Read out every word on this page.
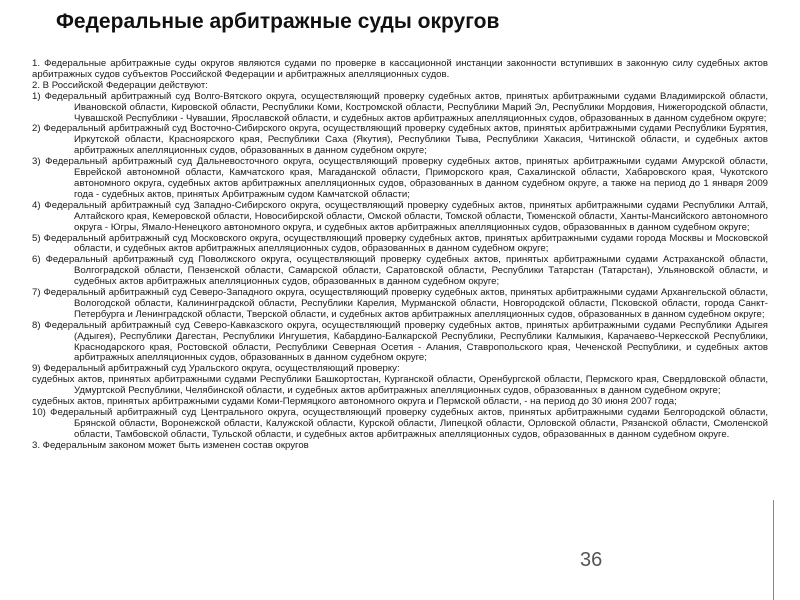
Федеральные арбитражные суды округов

1. Федеральные арбитражные суды округов являются судами по проверке в кассационной инстанции законности вступивших в законную силу судебных актов арбитражных судов субъектов Российской Федерации и арбитражных апелляционных судов.

2. В Российской Федерации действуют:

1) Федеральный арбитражный суд Волго-Вятского округа, осуществляющий проверку судебных актов, принятых арбитражными судами Владимирской области, Ивановской области, Кировской области, Республики Коми, Костромской области, Республики Марий Эл, Республики Мордовия, Нижегородской области, Чувашской Республики - Чувашии, Ярославской области, и судебных актов арбитражных апелляционных судов, образованных в данном судебном округе;

2) Федеральный арбитражный суд Восточно-Сибирского округа, осуществляющий проверку судебных актов, принятых арбитражными судами Республики Бурятия, Иркутской области, Красноярского края, Республики Саха (Якутия), Республики Тыва, Республики Хакасия, Читинской области, и судебных актов арбитражных апелляционных судов, образованных в данном судебном округе;

3) Федеральный арбитражный суд Дальневосточного округа, осуществляющий проверку судебных актов, принятых арбитражными судами Амурской области, Еврейской автономной области, Камчатского края, Магаданской области, Приморского края, Сахалинской области, Хабаровского края, Чукотского автономного округа, судебных актов арбитражных апелляционных судов, образованных в данном судебном округе, а также на период до 1 января 2009 года - судебных актов, принятых Арбитражным судом Камчатской области;

4) Федеральный арбитражный суд Западно-Сибирского округа, осуществляющий проверку судебных актов, принятых арбитражными судами Республики Алтай, Алтайского края, Кемеровской области, Новосибирской области, Омской области, Томской области, Тюменской области, Ханты-Мансийского автономного округа - Югры, Ямало-Ненецкого автономного округа, и судебных актов арбитражных апелляционных судов, образованных в данном судебном округе;

5) Федеральный арбитражный суд Московского округа, осуществляющий проверку судебных актов, принятых арбитражными судами города Москвы и Московской области, и судебных актов арбитражных апелляционных судов, образованных в данном судебном округе;

6) Федеральный арбитражный суд Поволжского округа, осуществляющий проверку судебных актов, принятых арбитражными судами Астраханской области, Волгоградской области, Пензенской области, Самарской области, Саратовской области, Республики Татарстан (Татарстан), Ульяновской области, и судебных актов арбитражных апелляционных судов, образованных в данном судебном округе;

7) Федеральный арбитражный суд Северо-Западного округа, осуществляющий проверку судебных актов, принятых арбитражными судами Архангельской области, Вологодской области, Калининградской области, Республики Карелия, Мурманской области, Новгородской области, Псковской области, города Санкт-Петербурга и Ленинградской области, Тверской области, и судебных актов арбитражных апелляционных судов, образованных в данном судебном округе;

8) Федеральный арбитражный суд Северо-Кавказского округа, осуществляющий проверку судебных актов, принятых арбитражными судами Республики Адыгея (Адыгея), Республики Дагестан, Республики Ингушетия, Кабардино-Балкарской Республики, Республики Калмыкия, Карачаево-Черкесской Республики, Краснодарского края, Ростовской области, Республики Северная Осетия - Алания, Ставропольского края, Чеченской Республики, и судебных актов арбитражных апелляционных судов, образованных в данном судебном округе;

9) Федеральный арбитражный суд Уральского округа, осуществляющий проверку:

судебных актов, принятых арбитражными судами Республики Башкортостан, Курганской области, Оренбургской области, Пермского края, Свердловской области, Удмуртской Республики, Челябинской области, и судебных актов арбитражных апелляционных судов, образованных в данном судебном округе;

судебных актов, принятых арбитражными судами Коми-Пермяцкого автономного округа и Пермской области, - на период до 30 июня 2007 года;

10) Федеральный арбитражный суд Центрального округа, осуществляющий проверку судебных актов, принятых арбитражными судами Белгородской области, Брянской области, Воронежской области, Калужской области, Курской области, Липецкой области, Орловской области, Рязанской области, Смоленской области, Тамбовской области, Тульской области, и судебных актов арбитражных апелляционных судов, образованных в данном судебном округе.

3. Федеральным законом может быть изменен состав округов

36
